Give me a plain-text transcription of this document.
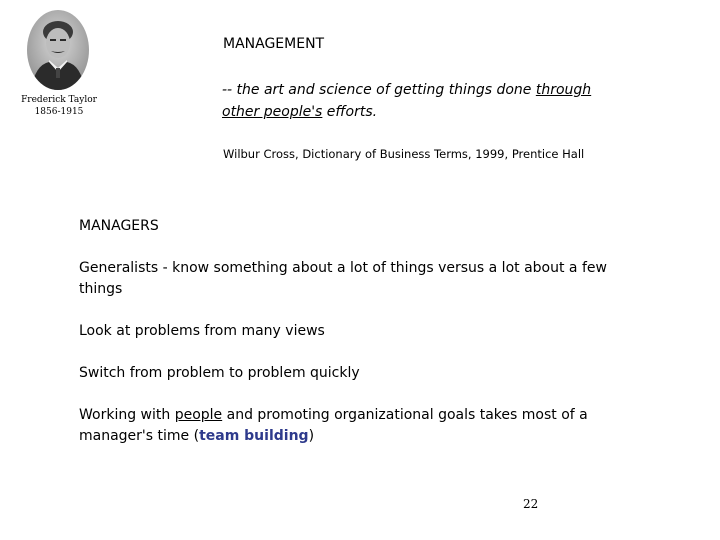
Frederick Taylor
1856-1915
MANAGEMENT
-- the art and science of getting things done through
other people's efforts.
Wilbur Cross, Dictionary of Business Terms, 1999, Prentice Hall

MANAGERS

Generalists - know something about a lot of things versus a lot about a few things

Look at problems from many views

Switch from problem to problem quickly

Working with people and promoting organizational goals takes most of a manager's time (team building)

22
